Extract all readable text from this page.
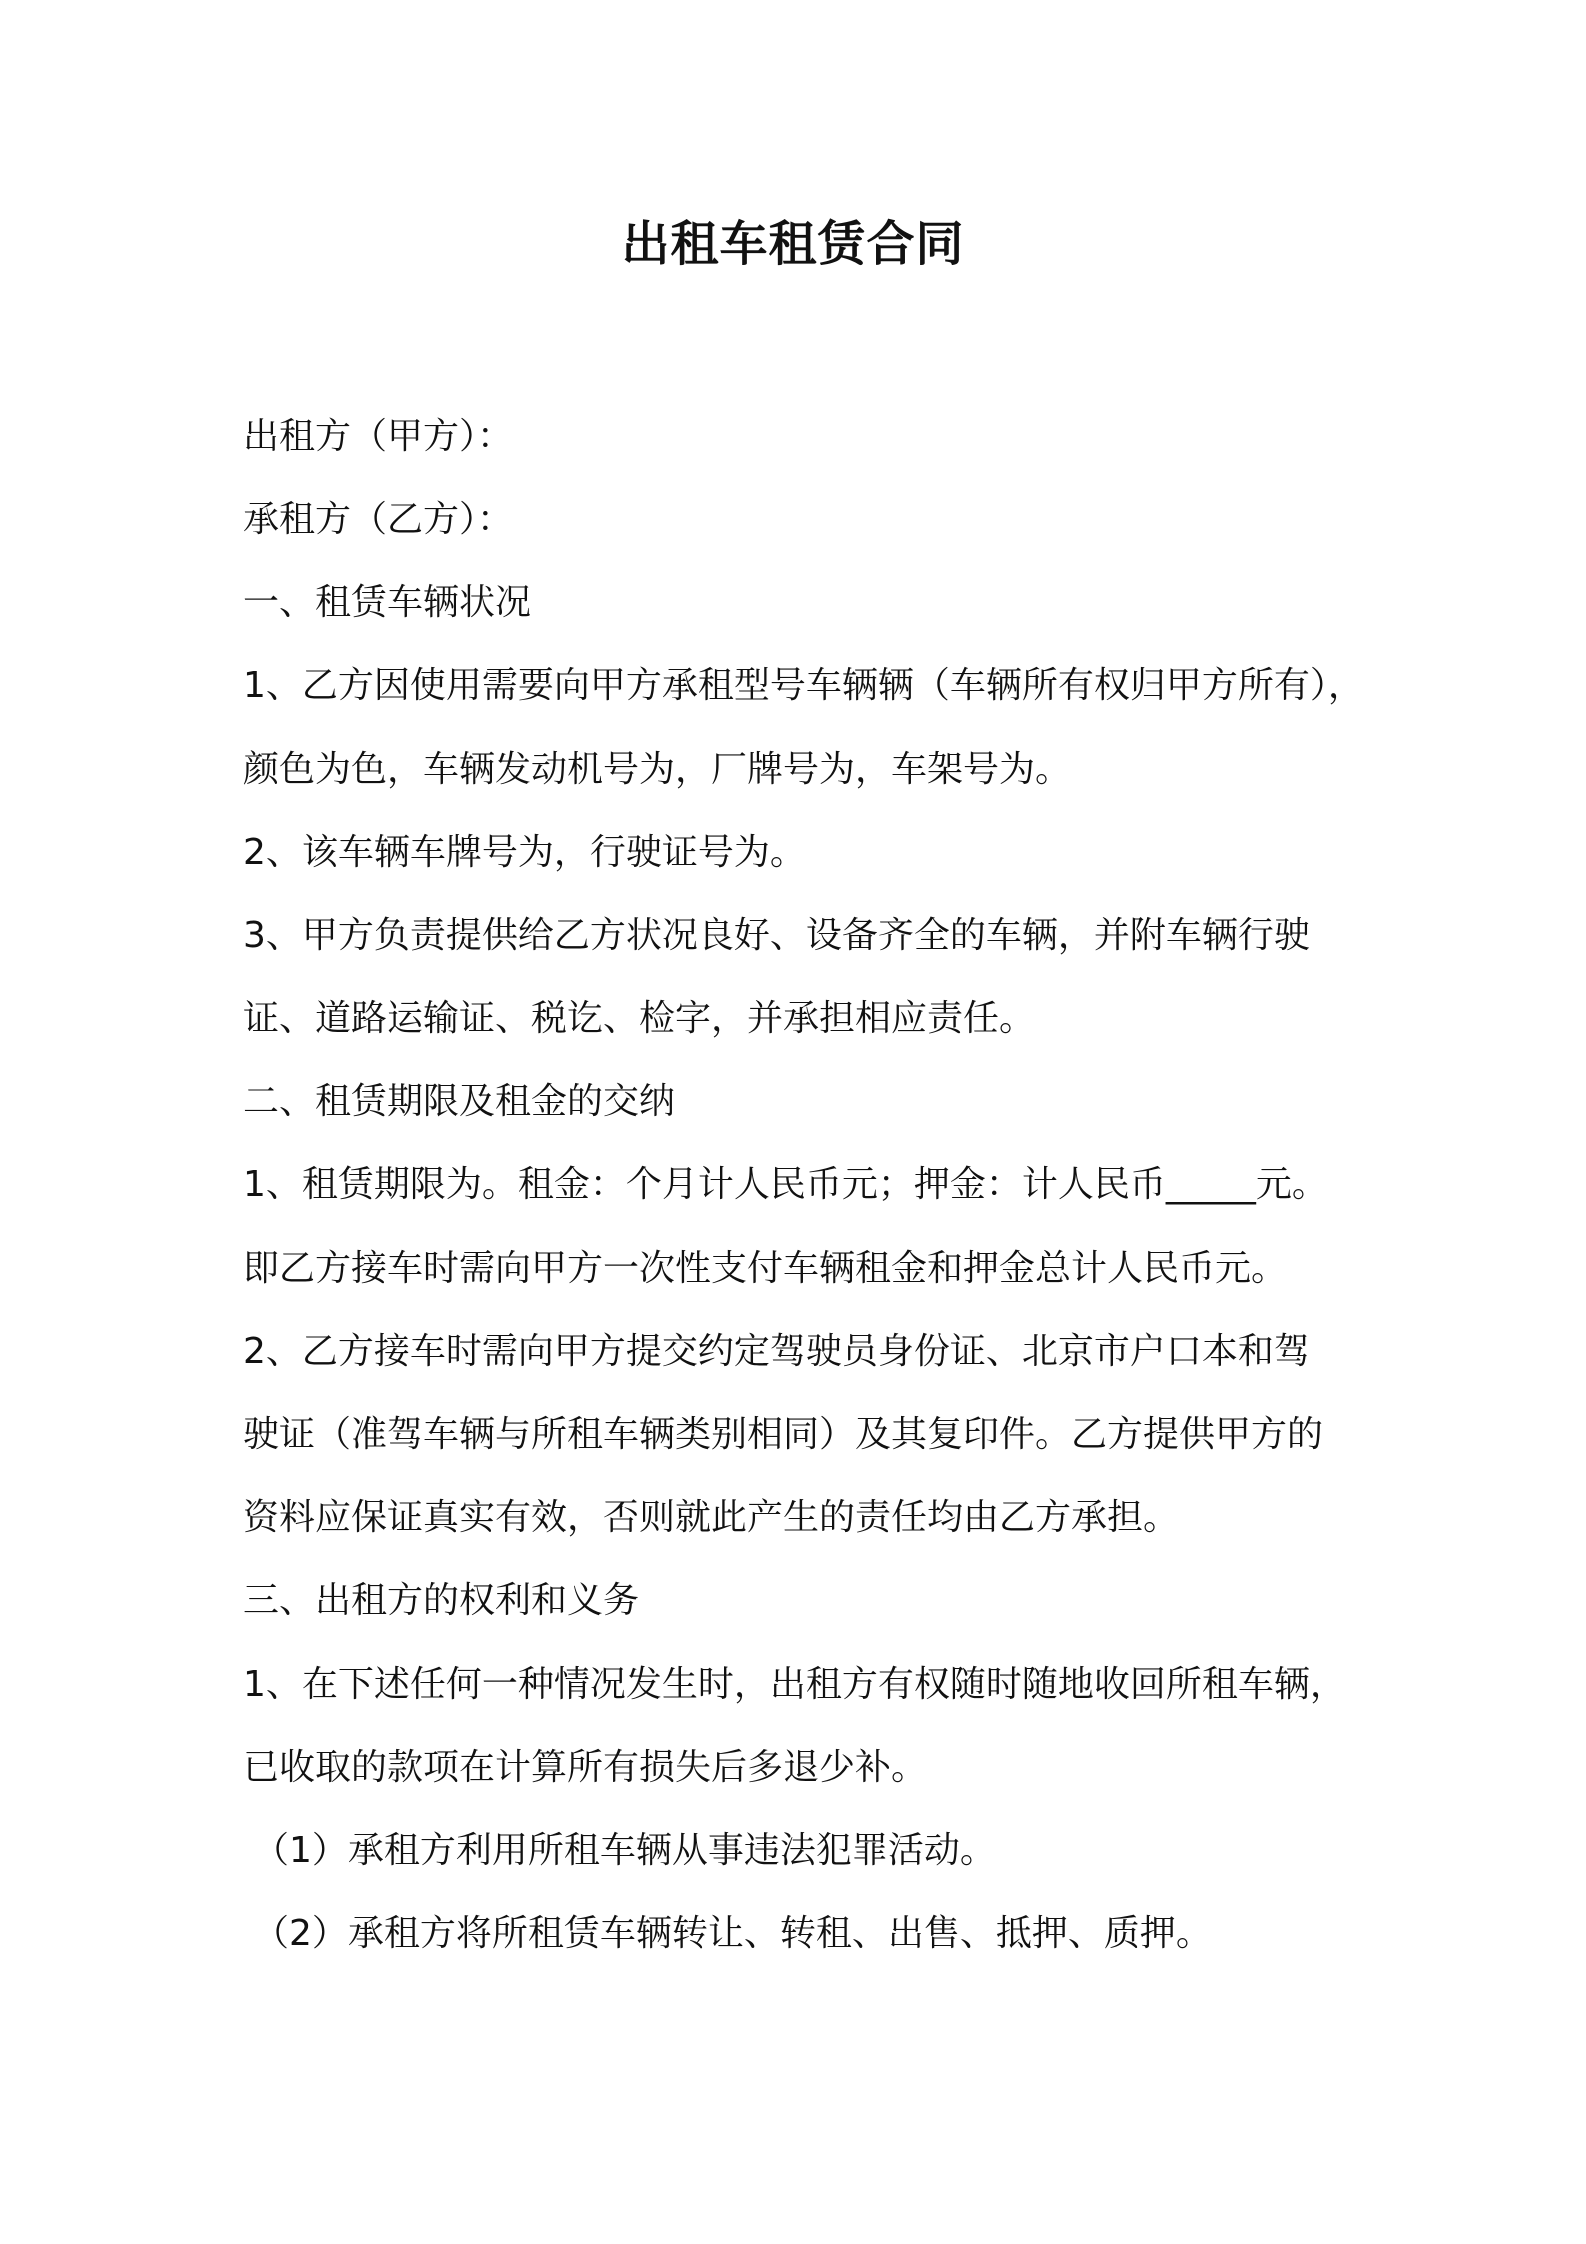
出租车租赁合同
出租方（甲方）：
承租方（乙方）：
一、租赁车辆状况
1、乙方因使用需要向甲方承租型号车辆辆（车辆所有权归甲方所有），
颜色为色，车辆发动机号为，厂牌号为，车架号为。
2、该车辆车牌号为，行驶证号为。
3、甲方负责提供给乙方状况良好、设备齐全的车辆，并附车辆行驶
证、道路运输证、税讫、检字，并承担相应责任。
二、租赁期限及租金的交纳
1、租赁期限为。租金：个月计人民币元；押金：计人民币_____元。
即乙方接车时需向甲方一次性支付车辆租金和押金总计人民币元。
2、乙方接车时需向甲方提交约定驾驶员身份证、北京市户口本和驾
驶证（准驾车辆与所租车辆类别相同）及其复印件。乙方提供甲方的
资料应保证真实有效，否则就此产生的责任均由乙方承担。
三、出租方的权利和义务
1、在下述任何一种情况发生时，出租方有权随时随地收回所租车辆，
已收取的款项在计算所有损失后多退少补。
（1）承租方利用所租车辆从事违法犯罪活动。
（2）承租方将所租赁车辆转让、转租、出售、抵押、质押。
